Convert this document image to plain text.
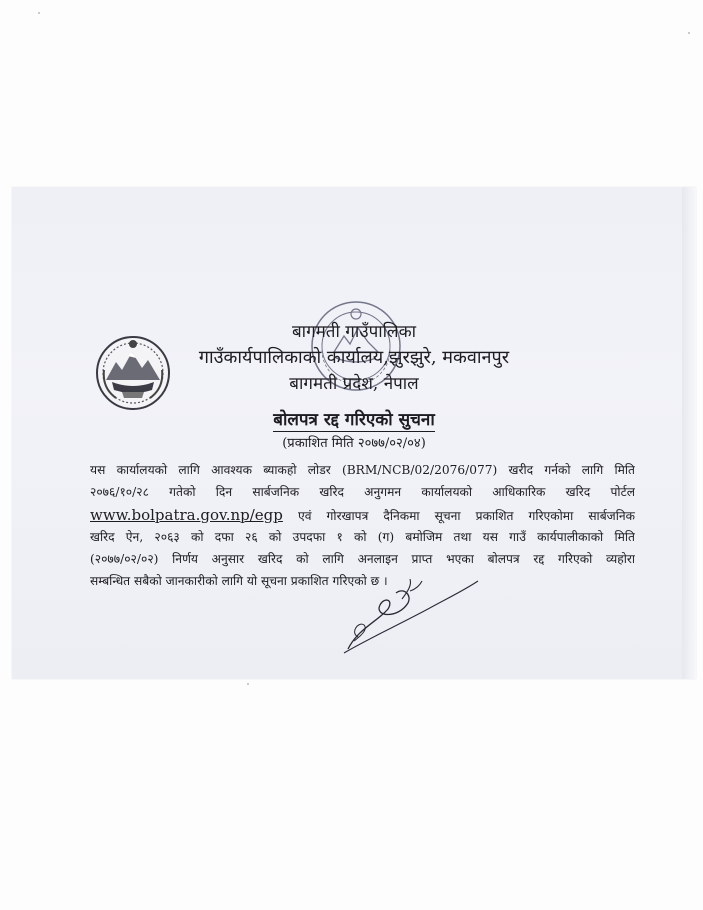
बागमती गाउँपालिका
गाउँकार्यपालिकाको कार्यालय,झुरझुरे, मकवानपुर
बागमती प्रदेश, नेपाल
बोलपत्र रद्द गरिएको सुचना
(प्रकाशित मिति २०७७/०२/०४)
यस कार्यालयको लागि आवश्यक ब्याकहो लोडर (BRM/NCB/02/2076/077) खरीद गर्नको लागि मिति
२०७६/१०/२८ गतेको दिन सार्बजनिक खरिद अनुगमन कार्यालयको आधिकारिक खरिद पोर्टल
www.bolpatra.gov.np/egp एवं गोरखापत्र दैनिकमा सूचना प्रकाशित गरिएकोमा सार्बजनिक
खरिद ऐन, २०६३ को दफा २६ को उपदफा १ को (ग) बमोजिम तथा यस गाउँ कार्यपालीकाको मिति
(२०७७/०२/०२) निर्णय अनुसार खरिद को लागि अनलाइन प्राप्त भएका बोलपत्र रद्द गरिएको व्यहोरा
सम्बन्धित सबैको जानकारीको लागि यो सूचना प्रकाशित गरिएको छ ।
